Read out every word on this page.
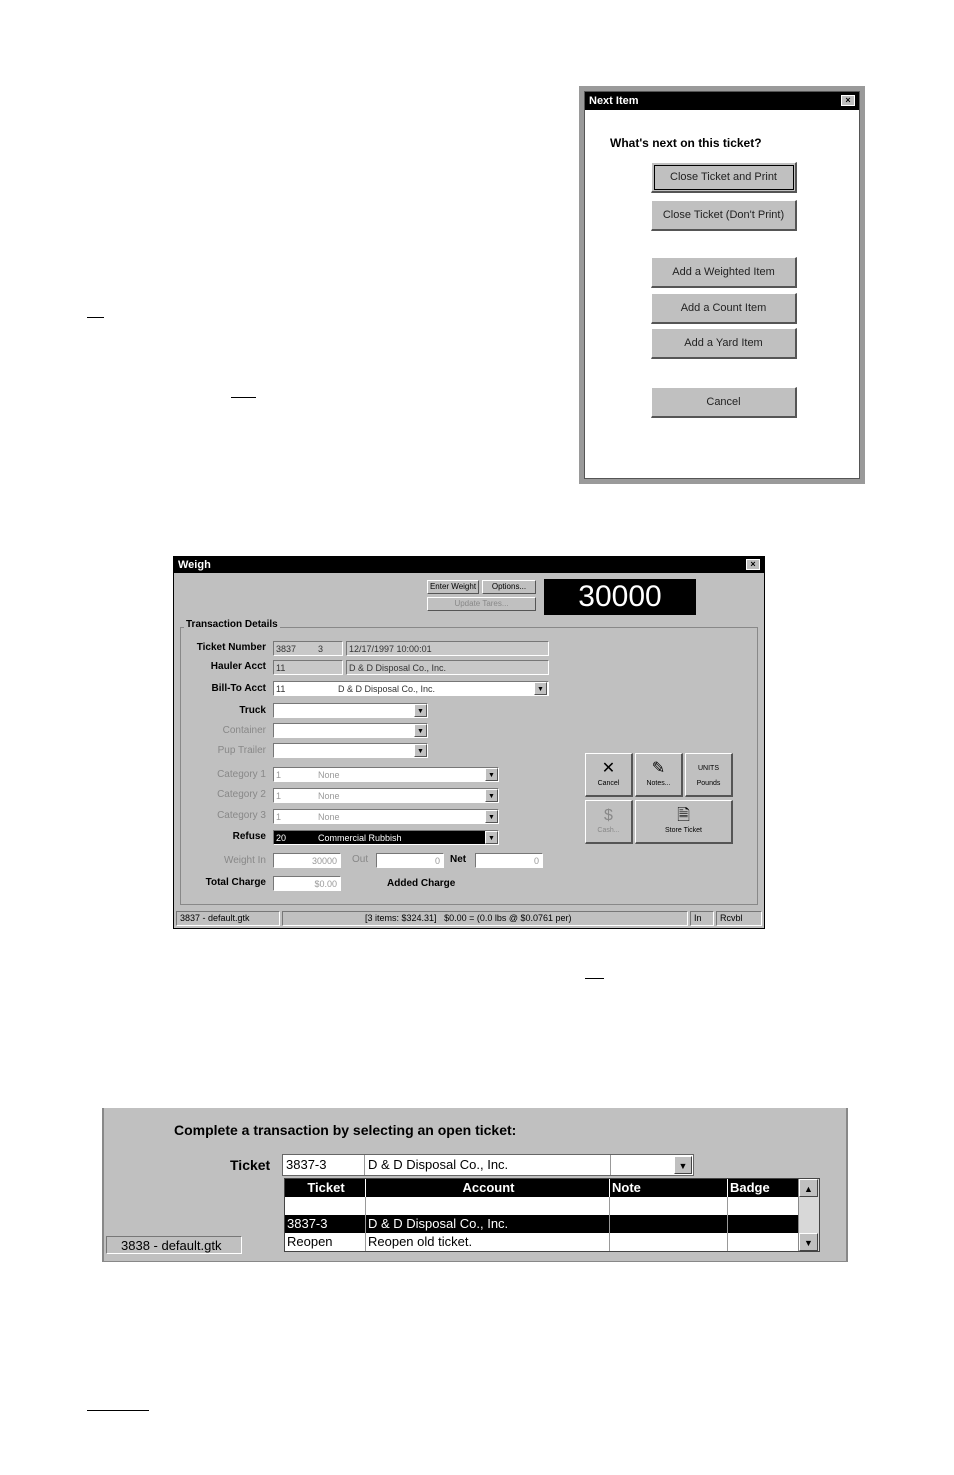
Next Item	×
What's next on this ticket?
Close Ticket and Print
Close Ticket (Don't Print)
Add a Weighted Item
Add a Count Item
Add a Yard Item
Cancel
Weigh	×
Enter Weight	Options...
Update Tares...	30000
Transaction Details
Ticket Number	3837 3	12/17/1997 10:00:01
Hauler Acct	11	D & D Disposal Co., Inc.
Bill-To Acct	11	D & D Disposal Co., Inc.	▼
Truck	▼
Container	▼
Pup Trailer	▼
Category 1	1	None	▼
Category 2	1	None	▼
Category 3	1	None	▼
Refuse	20	Commercial Rubbish	▼
Weight In	30000	Out	0	Net	0
Total Charge	$0.00	Added Charge
✕
Cancel
✎
Notes...
UNITS
Pounds
$
Cash...
🗎
Store Ticket
3837 - default.gtk	[3 items: $324.31] $0.00 = (0.0 lbs @ $0.0761 per)	In	Rcvbl
Complete a transaction by selecting an open ticket:
Ticket 3837-3	D & D Disposal Co., Inc.	▼
Ticket	Account	Note	Badge
3837-3	D & D Disposal Co., Inc.
Reopen	Reopen old ticket.
▲
▼
3838 - default.gtk
